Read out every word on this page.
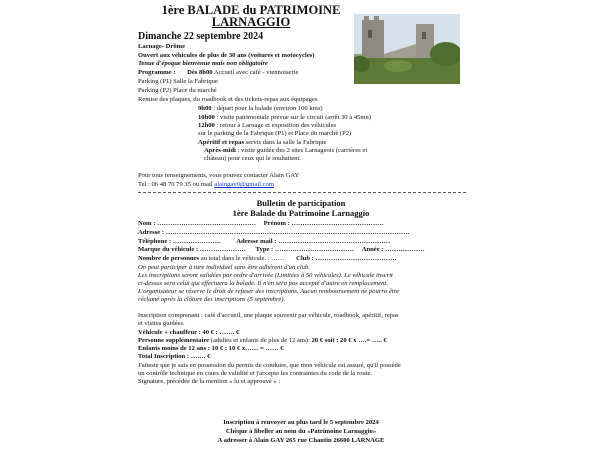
1ère BALADE du PATRIMOINE
LARNAGGIO
Dimanche 22 septembre 2024
Larnage- Drôme
Ouvert aux véhicules de plus de 30 ans (voitures et motocycles)
Tenue d'époque bienvenue mais non obligatoire
Programme : Dès 8h00 Accueil avec café - viennoiserie
Parking (P1) Salle la Fabrique
Parking (P2) Place du marché
Remise des plaques, du roadbook et des tickets-repas aux équipages
9h00 : départ pour la balade (environ 100 kms)
10h00 : visite patrimoniale prévue sur le circuit (arrêt 30 à 45mn)
12h00 : retour à Larnage et exposition des véhicules
sur le parking de la Fabrique (P1) et Place du marché (P2)
Apéritif et repas servis dans la salle la Fabrique
Après-midi : visite guidée des 2 sites Larnageois (carrières et
château) pour ceux qui le souhaitent.
Pour tous renseignements, vous pouvez contacter Alain GAY
Tel : 06 48 70 79 35 ou mail alaingay0@gmail.com
Bulletin de participation
1ère Balade du Patrimoine Larnaggio
Nom : ……………………………………… Prénom : ……………………………………
Adresse : …………………………………………………………………………………………………
Téléphone : …………………. Adresse mail : ……………………………………………
Marque du véhicule : ………………… Type : ……………………………… Année : ………………
Nombre de personnes au total dans le véhicule. : …… Club : ……………………………….
On peut participer à titre individuel sans être adhérent d'un club.
Les inscriptions seront validées par ordre d'arrivée (Limitées à 50 véhicules). Le véhicule inscrit
ci-dessus sera celui qui effectuera la balade. Il n'en sera pas accepté d'autre en remplacement.
L'organisateur se réserve le droit de refuser des inscriptions. Aucun remboursement ne pourra être
réclamé après la clôture des inscriptions (5 septembre).
Inscription comprenant : café d'accueil, une plaque souvenir par véhicule, roadbook, apéritif, repas
et visites guidées.
Véhicule + chauffeur : 40 € : ……. €
Personne supplémentaire (adultes et enfants de plus de 12 ans): 20 € soit : 20 € x ….= ….. €
Enfants moins de 12 ans : 10 € : 10 € x…… = …… €
Total Inscription : ……. €
J'atteste que je suis en possession du permis de conduire, que mon véhicule est assuré, qu'il possède
un contrôle technique en cours de validité et j'accepte les contraintes du code de la route.
Signature, précédée de la mention « lu et approuvé » :
Inscription à renvoyer au plus tard le 5 septembre 2024
Chèque à libeller au nom du «Patrimoine Larnaggio»
A adresser à Alain GAY 265 rue Chautin 26600 LARNAGE
